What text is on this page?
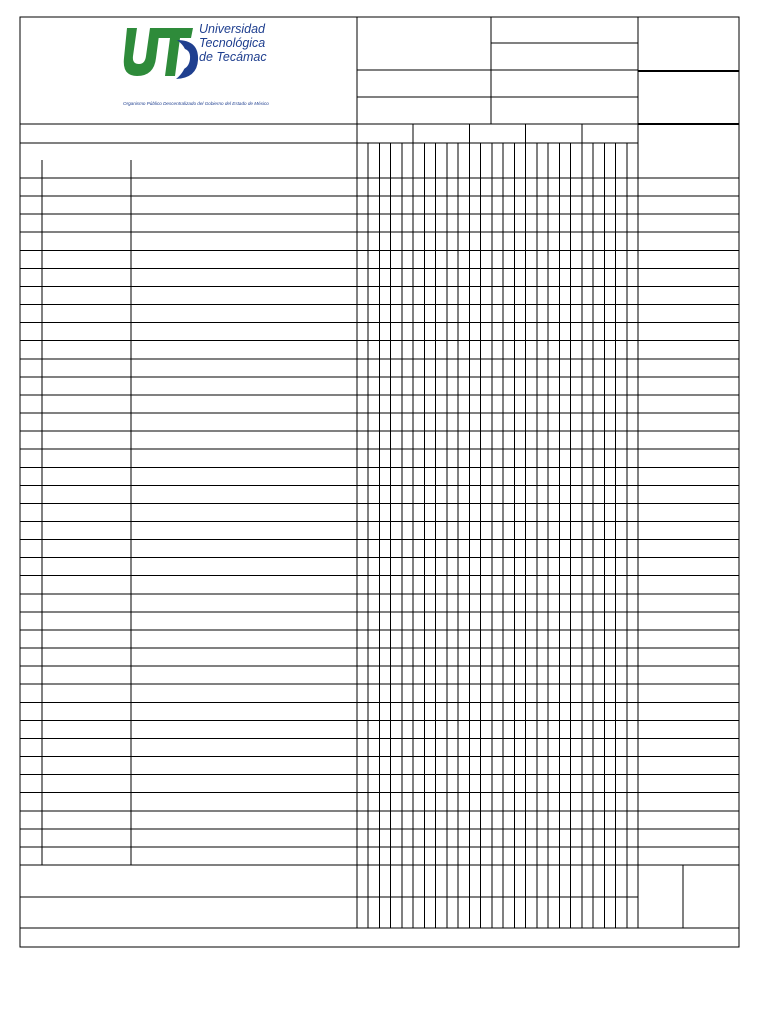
Universidad
Tecnológica
de Tecámac
Organismo Público Descentralizado del Gobierno del Estado de México
